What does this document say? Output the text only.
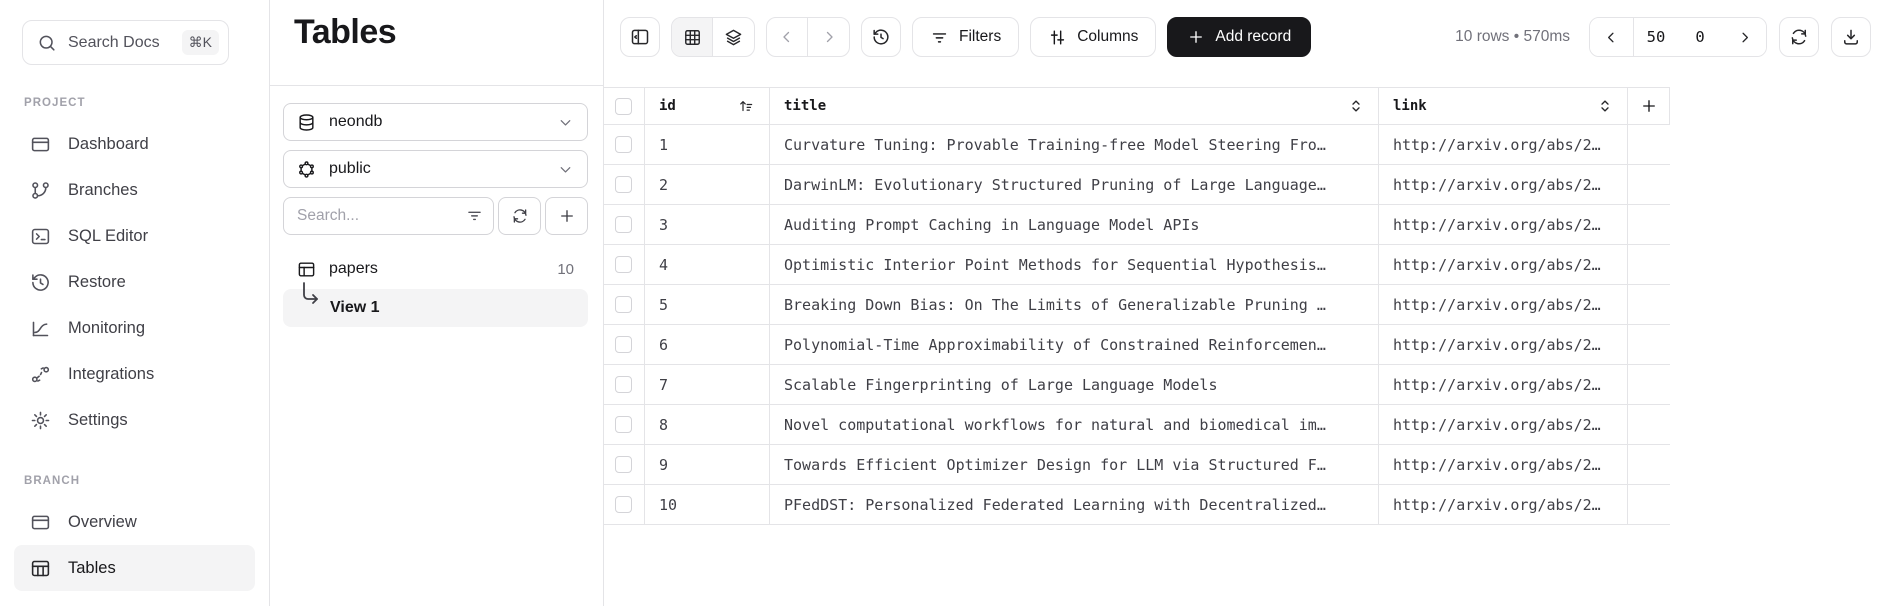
Search Docs	⌘K
PROJECT
Dashboard
Branches
SQL Editor
Restore
Monitoring
Integrations
Settings
BRANCH
Overview
Tables
Tables
neondb
public
Search...
papers	10
View 1
Filters	Columns	Add record	10 rows • 570ms
50
0
id	title	link
1	Curvature Tuning: Provable Training-free Model Steering Fro…	http://arxiv.org/abs/2…
2	DarwinLM: Evolutionary Structured Pruning of Large Language…	http://arxiv.org/abs/2…
3	Auditing Prompt Caching in Language Model APIs	http://arxiv.org/abs/2…
4	Optimistic Interior Point Methods for Sequential Hypothesis…	http://arxiv.org/abs/2…
5	Breaking Down Bias: On The Limits of Generalizable Pruning …	http://arxiv.org/abs/2…
6	Polynomial-Time Approximability of Constrained Reinforcemen…	http://arxiv.org/abs/2…
7	Scalable Fingerprinting of Large Language Models	http://arxiv.org/abs/2…
8	Novel computational workflows for natural and biomedical im…	http://arxiv.org/abs/2…
9	Towards Efficient Optimizer Design for LLM via Structured F…	http://arxiv.org/abs/2…
10	PFedDST: Personalized Federated Learning with Decentralized…	http://arxiv.org/abs/2…
